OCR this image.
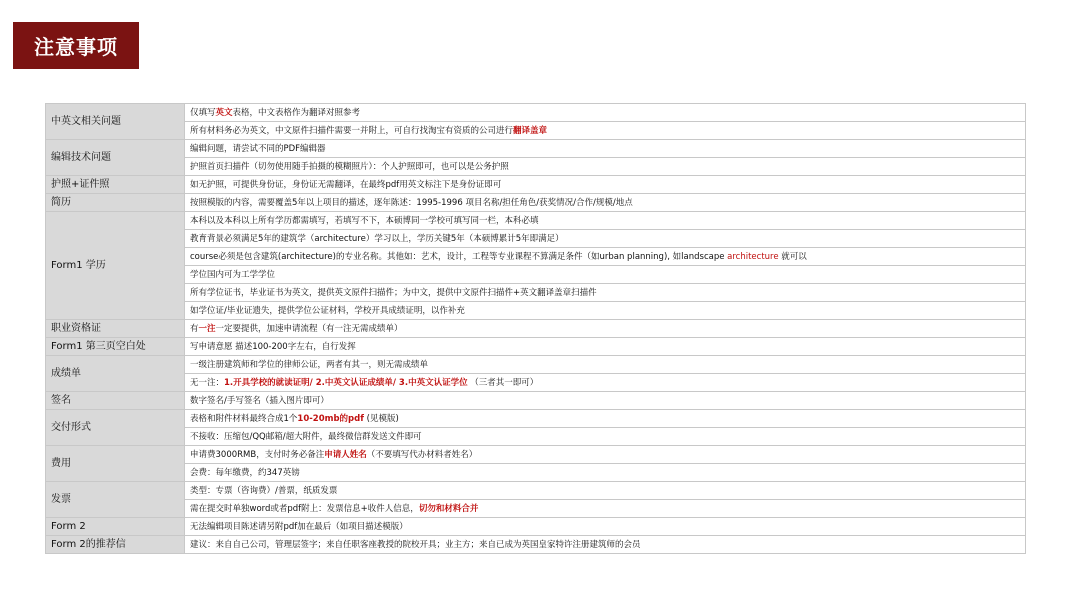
注意事项
中英文相关问题	仅填写英文表格，中文表格作为翻译对照参考
	所有材料务必为英文，中文原件扫描件需要一并附上，可自行找淘宝有资质的公司进行翻译盖章
编辑技术问题	编辑问题，请尝试不同的PDF编辑器
	护照首页扫描件（切勿使用随手拍摄的模糊照片）：个人护照即可，也可以是公务护照
护照+证件照	如无护照，可提供身份证，身份证无需翻译，在最终pdf用英文标注下是身份证即可
简历	按照模版的内容，需要覆盖5年以上项目的描述，逐年陈述：1995-1996 项目名称/担任角色/获奖情况/合作/规模/地点
Form1 学历	本科以及本科以上所有学历都需填写，若填写不下，本硕博同一学校可填写同一栏，本科必填
	教育背景必须满足5年的建筑学（architecture）学习以上，学历关键5年（本硕博累计5年即满足）
	course必须是包含建筑(architecture)的专业名称。其他如：艺术，设计，工程等专业课程不算满足条件（如urban planning), 如landscape architecture 就可以
	学位国内可为工学学位
	所有学位证书，毕业证书为英文，提供英文原件扫描件；为中文，提供中文原件扫描件+英文翻译盖章扫描件
	如学位证/毕业证遗失，提供学位公证材料，学校开具成绩证明，以作补充
职业资格证	有一注一定要提供，加速申请流程（有一注无需成绩单）
Form1 第三页空白处	写申请意愿 描述100-200字左右，自行发挥
成绩单	一级注册建筑师和学位的律师公证，两者有其一，则无需成绩单
	无一注：1.开具学校的就读证明/ 2.中英文认证成绩单/ 3.中英文认证学位 （三者其一即可）
签名	数字签名/手写签名（插入图片即可）
交付形式	表格和附件材料最终合成1个10-20mb的pdf (见模版)
	不接收：压缩包/QQ邮箱/超大附件，最终微信群发送文件即可
费用	申请费3000RMB，支付时务必备注申请人姓名（不要填写代办材料者姓名）
	会费：每年缴费，约347英镑
发票	类型：专票（咨询费）/普票，纸质发票
	需在提交时单独word或者pdf附上：发票信息+收件人信息，切勿和材料合并
Form 2	无法编辑项目陈述请另附pdf加在最后（如项目描述模版）
Form 2的推荐信	建议：来自自己公司，管理层签字；来自任职客座教授的院校开具；业主方；来自已成为英国皇家特许注册建筑师的会员
